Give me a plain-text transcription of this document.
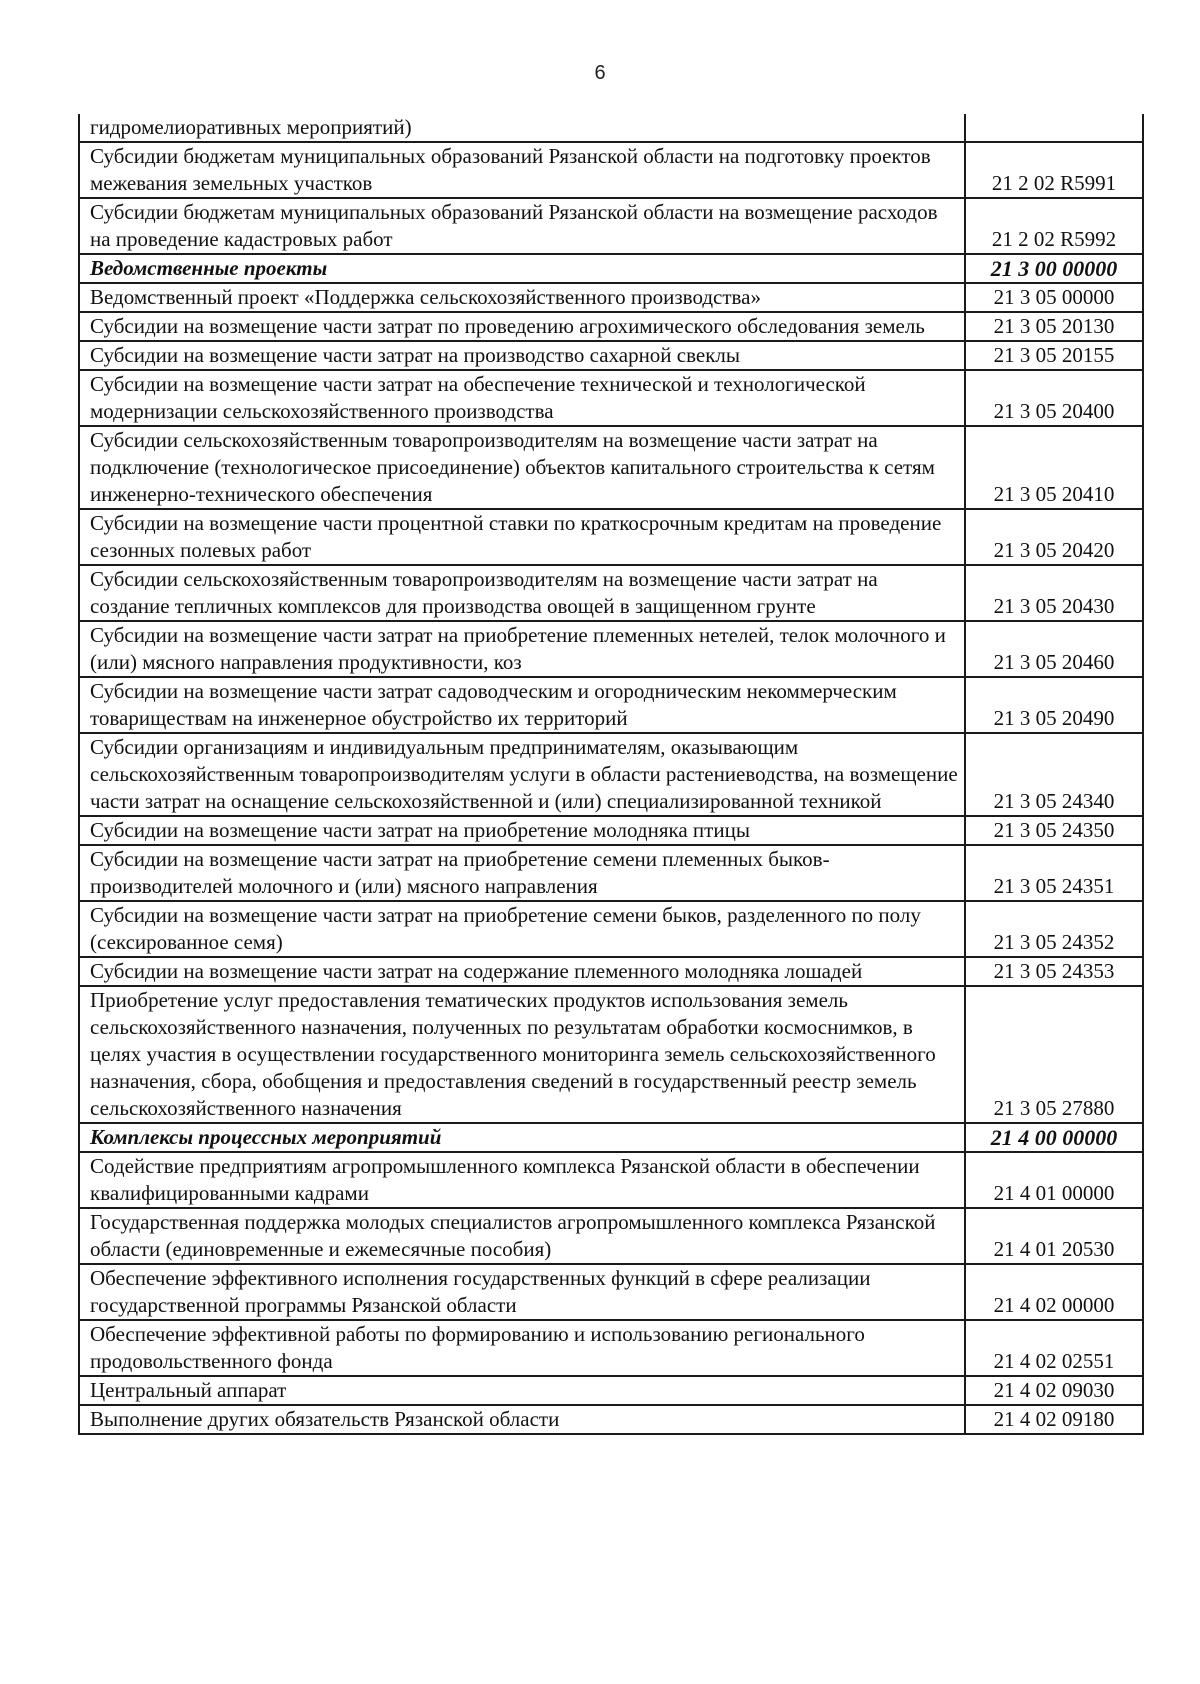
6
гидромелиоративных мероприятий)	
Субсидии бюджетам муниципальных образований Рязанской области на подготовку проектов межевания земельных участков	21 2 02 R5991
Субсидии бюджетам муниципальных образований Рязанской области на возмещение расходов на проведение кадастровых работ	21 2 02 R5992
Ведомственные проекты	21 3 00 00000
Ведомственный проект «Поддержка сельскохозяйственного производства»	21 3 05 00000
Субсидии на возмещение части затрат по проведению агрохимического обследования земель	21 3 05 20130
Субсидии на возмещение части затрат на производство сахарной свеклы	21 3 05 20155
Субсидии на возмещение части затрат на обеспечение технической и технологической модернизации сельскохозяйственного производства	21 3 05 20400
Субсидии сельскохозяйственным товаропроизводителям на возмещение части затрат на подключение (технологическое присоединение) объектов капитального строительства к сетям инженерно-технического обеспечения	21 3 05 20410
Субсидии на возмещение части процентной ставки по краткосрочным кредитам на проведение сезонных полевых работ	21 3 05 20420
Субсидии сельскохозяйственным товаропроизводителям на возмещение части затрат на создание тепличных комплексов для производства овощей в защищенном грунте	21 3 05 20430
Субсидии на возмещение части затрат на приобретение племенных нетелей, телок молочного и (или) мясного направления продуктивности, коз	21 3 05 20460
Субсидии на возмещение части затрат садоводческим и огородническим некоммерческим товариществам на инженерное обустройство их территорий	21 3 05 20490
Субсидии организациям и индивидуальным предпринимателям, оказывающим сельскохозяйственным товаропроизводителям услуги в области растениеводства, на возмещение части затрат на оснащение сельскохозяйственной и (или) специализированной техникой	21 3 05 24340
Субсидии на возмещение части затрат на приобретение молодняка птицы	21 3 05 24350
Субсидии на возмещение части затрат на приобретение семени племенных быков-производителей молочного и (или) мясного направления	21 3 05 24351
Субсидии на возмещение части затрат на приобретение семени быков, разделенного по полу (сексированное семя)	21 3 05 24352
Субсидии на возмещение части затрат на содержание племенного молодняка лошадей	21 3 05 24353
Приобретение услуг предоставления тематических продуктов использования земель сельскохозяйственного назначения, полученных по результатам обработки космоснимков, в целях участия в осуществлении государственного мониторинга земель сельскохозяйственного назначения, сбора, обобщения и предоставления сведений в государственный реестр земель сельскохозяйственного назначения	21 3 05 27880
Комплексы процессных мероприятий	21 4 00 00000
Содействие предприятиям агропромышленного комплекса Рязанской области в обеспечении квалифицированными кадрами	21 4 01 00000
Государственная поддержка молодых специалистов агропромышленного комплекса Рязанской области (единовременные и ежемесячные пособия)	21 4 01 20530
Обеспечение эффективного исполнения государственных функций в сфере реализации государственной программы Рязанской области	21 4 02 00000
Обеспечение эффективной работы по формированию и использованию регионального продовольственного фонда	21 4 02 02551
Центральный аппарат	21 4 02 09030
Выполнение других обязательств Рязанской области	21 4 02 09180
